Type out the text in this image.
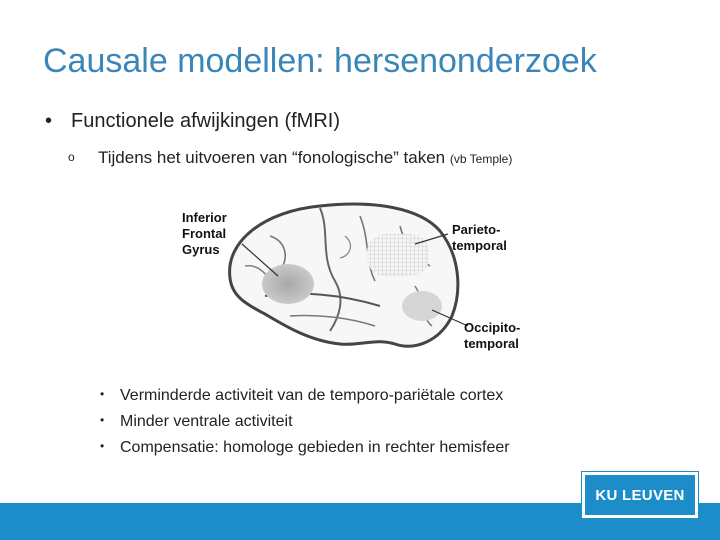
Causale modellen: hersenonderzoek
• Functionele afwijkingen (fMRI)
o Tijdens het uitvoeren van “fonologische” taken (vb Temple)
Inferior
Frontal
Gyrus
Parieto-
temporal
Occipito-
temporal
• Verminderde activiteit van de temporo-pariëtale cortex
• Minder ventrale activiteit
• Compensatie: homologe gebieden in rechter hemisfeer
KU LEUVEN
